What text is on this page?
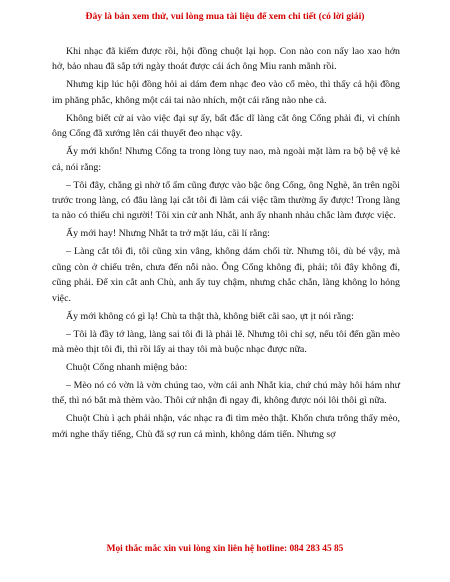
Đây là bản xem thử, vui lòng mua tài liệu để xem chi tiết (có lời giải)

Khi nhạc đã kiếm được rồi, hội đồng chuột lại họp. Con nào con nấy lao xao hớn hở, bảo nhau đã sắp tới ngày thoát được cái ách ông Miu ranh mãnh rồi.

Nhưng kịp lúc hội đồng hỏi ai dám đem nhạc đeo vào cổ mèo, thì thấy cả hội đồng im phăng phắc, không một cái tai nào nhích, một cái răng nào nhe cả.

Không biết cử ai vào việc đại sự ấy, bất đắc dĩ làng cắt ông Cống phải đi, vì chính ông Cống đã xướng lên cái thuyết đeo nhạc vậy.

Ấy mới khốn! Nhưng Cống ta trong lòng tuy nao, mà ngoài mặt làm ra bộ bệ vệ kẻ cả, nói rằng:

– Tôi đây, chẳng gì nhờ tổ ấm cũng được vào bậc ông Cống, ông Nghè, ăn trên ngồi trước trong làng, có đâu làng lại cắt tôi đi làm cái việc tầm thường ấy được! Trong làng ta nào có thiếu chi người! Tôi xin cử anh Nhắt, anh ấy nhanh nhảu chắc làm được việc.

Ấy mới hay! Nhưng Nhắt ta trở mặt láu, cãi lí rằng:

– Làng cắt tôi đi, tôi cũng xin vâng, không dám chối từ. Nhưng tôi, dù bé vậy, mà cũng còn ở chiếu trên, chưa đến nỗi nào. Ông Cống không đi, phải; tôi đây không đi, cũng phải. Để xin cắt anh Chù, anh ấy tuy chậm, nhưng chắc chắn, làng không lo hỏng việc.

Ấy mới không có gì lạ! Chù ta thật thà, không biết cãi sao, ựt ịt nói rằng:

– Tôi là đầy tớ làng, làng sai tôi đi là phải lẽ. Nhưng tôi chỉ sợ, nếu tôi đến gần mèo mà mèo thịt tôi đi, thì rồi lấy ai thay tôi mà buộc nhạc được nữa.

Chuột Cống nhanh miệng bảo:

– Mèo nó có vờn là vờn chúng tao, vờn cái anh Nhắt kia, chứ chú mày hôi hám như thế, thì nó bắt mà thèm vào. Thôi cứ nhận đi ngay đi, không được nói lôi thôi gì nữa.

Chuột Chù ì ạch phải nhận, vác nhạc ra đi tìm mèo thật. Khốn chưa trông thấy mèo, mới nghe thấy tiếng, Chù đã sợ run cả mình, không dám tiến. Nhưng sợ

Mọi thắc mắc xin vui lòng xin liên hệ hotline: 084 283 45 85
